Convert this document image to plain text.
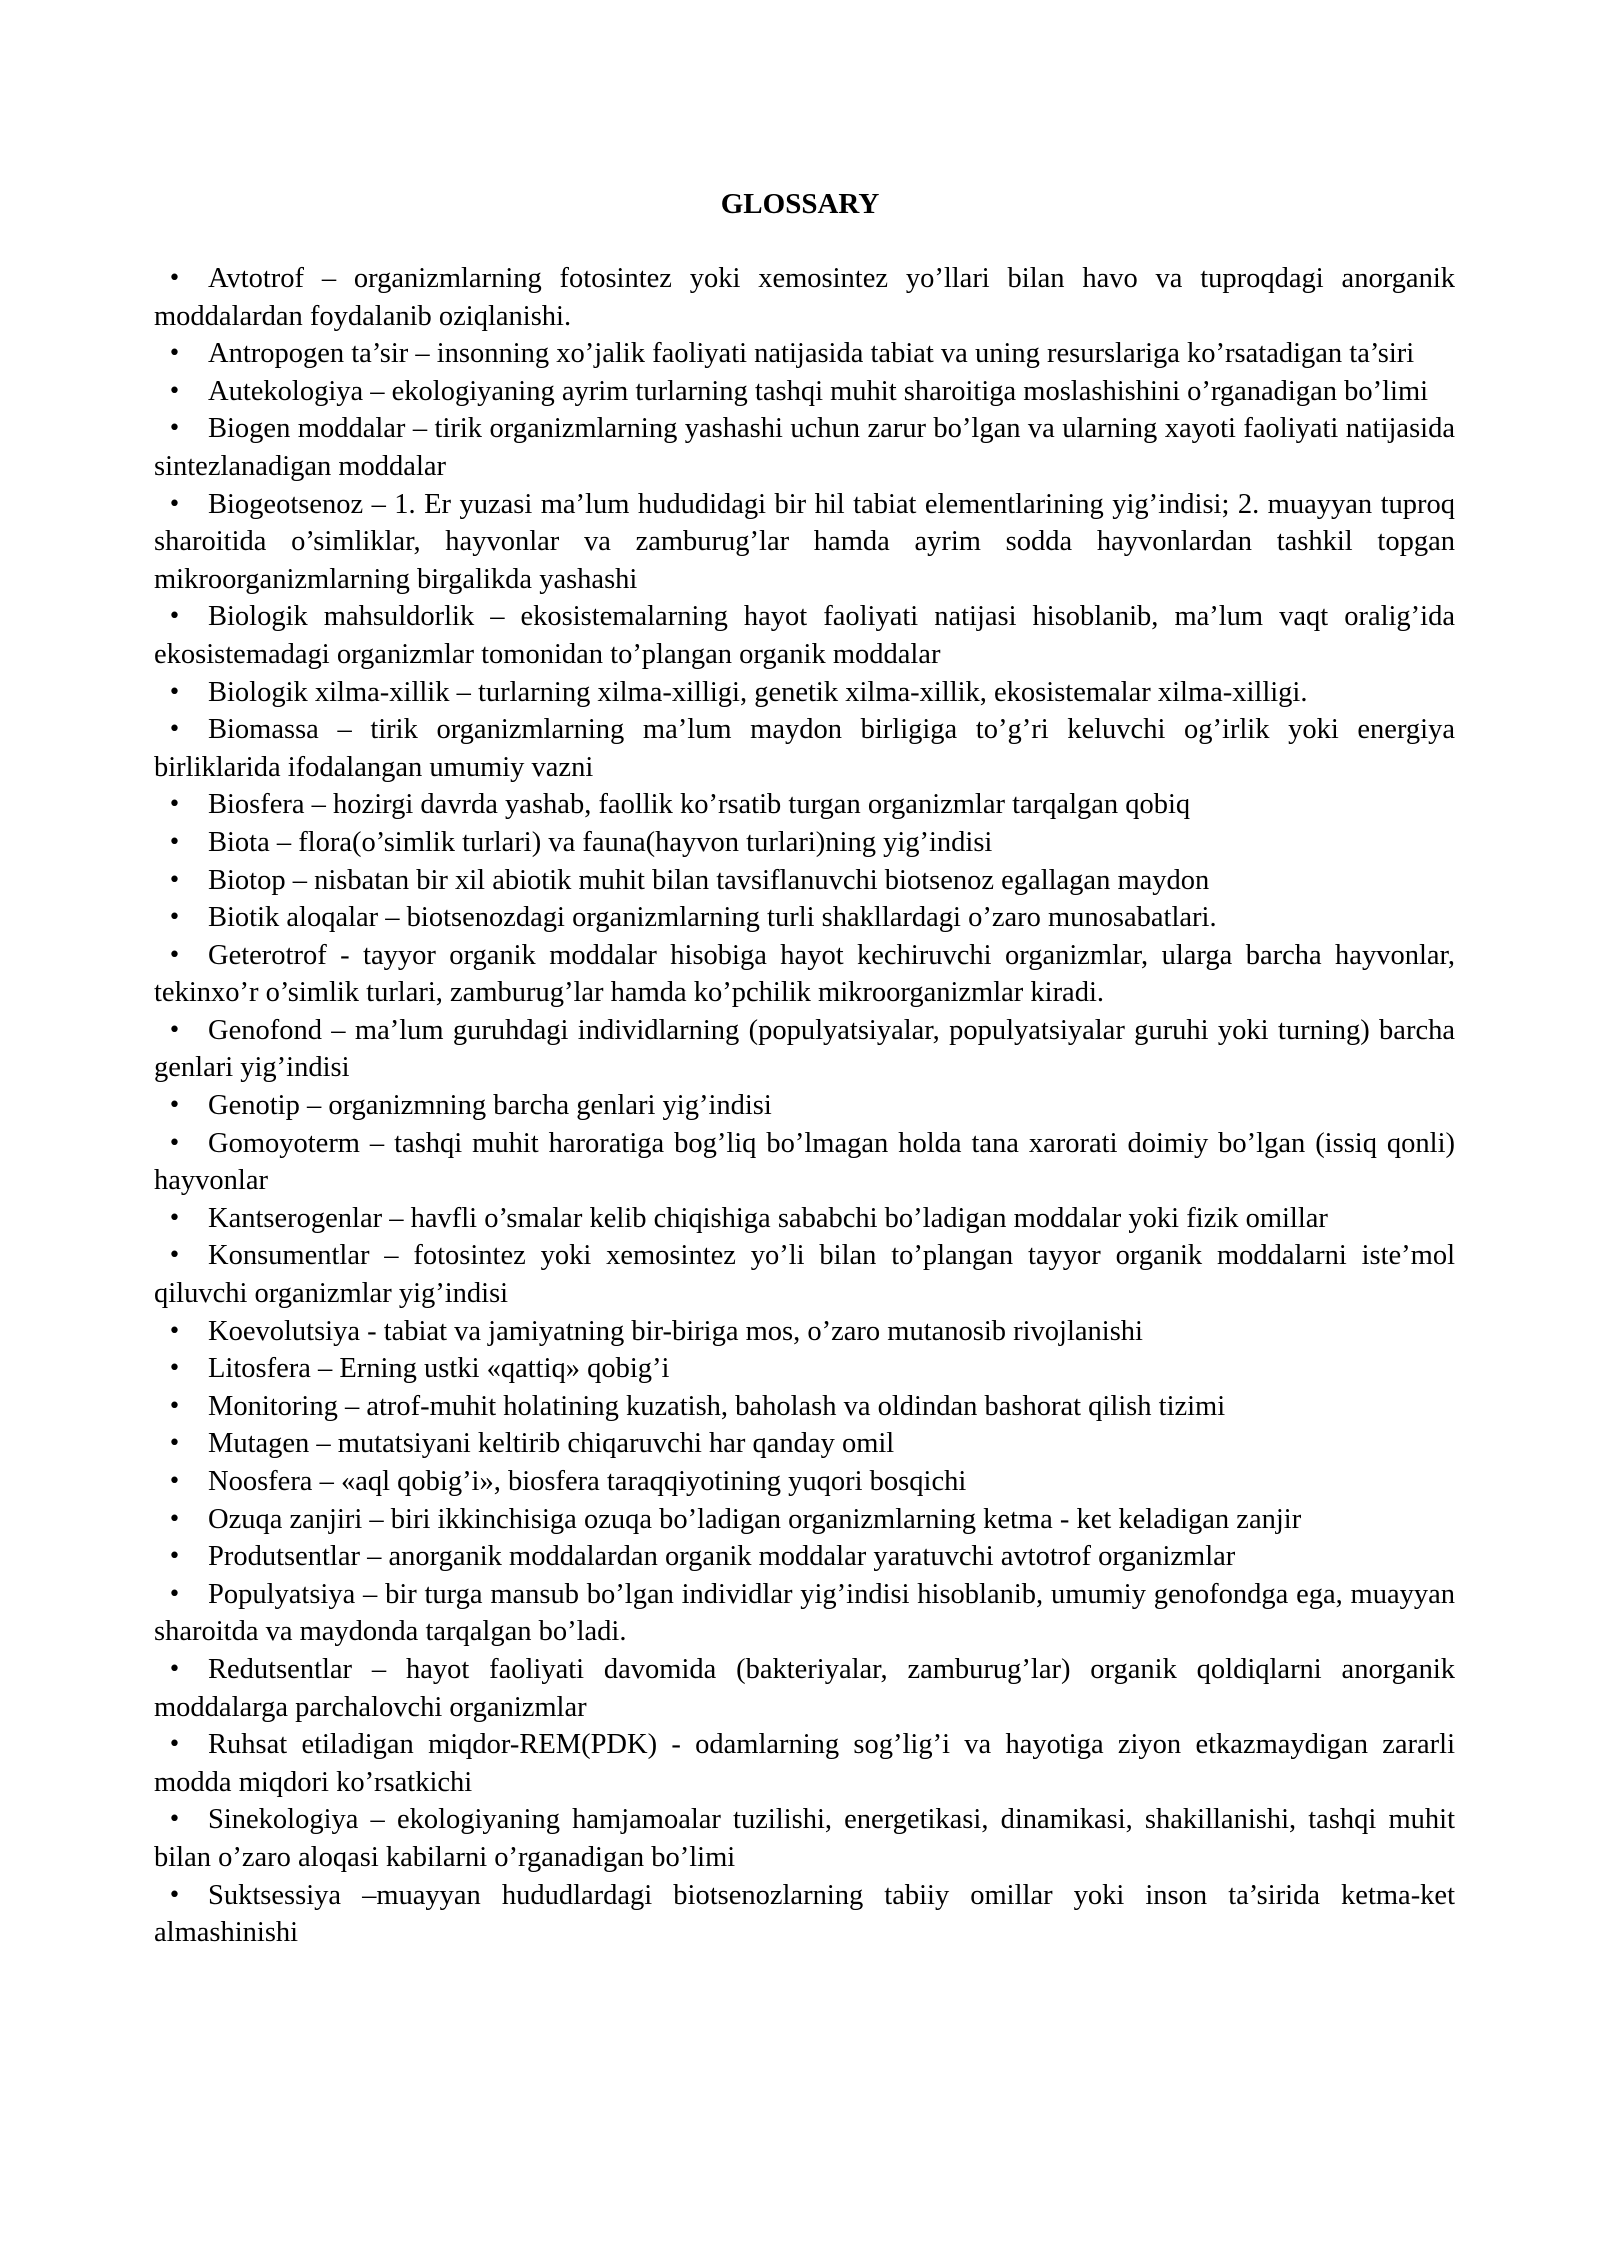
GLOSSARY
• Avtotrof – organizmlarning fotosintez yoki xemosintez yo’llari bilan havo va tuproqdagi anorganik moddalardan foydalanib oziqlanishi.
• Antropogen ta’sir – insonning xo’jalik faoliyati natijasida tabiat va uning resurslariga ko’rsatadigan ta’siri
• Autekologiya – ekologiyaning ayrim turlarning tashqi muhit sharoitiga moslashishini o’rganadigan bo’limi
• Biogen moddalar – tirik organizmlarning yashashi uchun zarur bo’lgan va ularning xayoti faoliyati natijasida sintezlanadigan moddalar
• Biogeotsenoz – 1. Er yuzasi ma’lum hududidagi bir hil tabiat elementlarining yig’indisi; 2. muayyan tuproq sharoitida o’simliklar, hayvonlar va zamburug’lar hamda ayrim sodda hayvonlardan tashkil topgan mikroorganizmlarning birgalikda yashashi
• Biologik mahsuldorlik – ekosistemalarning hayot faoliyati natijasi hisoblanib, ma’lum vaqt oralig’ida ekosistemadagi organizmlar tomonidan to’plangan organik moddalar
• Biologik xilma-xillik – turlarning xilma-xilligi, genetik xilma-xillik, ekosistemalar xilma-xilligi.
• Biomassa – tirik organizmlarning ma’lum maydon birligiga to’g’ri keluvchi og’irlik yoki energiya birliklarida ifodalangan umumiy vazni
• Biosfera – hozirgi davrda yashab, faollik ko’rsatib turgan organizmlar tarqalgan qobiq
• Biota – flora(o’simlik turlari) va fauna(hayvon turlari)ning yig’indisi
• Biotop – nisbatan bir xil abiotik muhit bilan tavsiflanuvchi biotsenoz egallagan maydon
• Biotik aloqalar – biotsenozdagi organizmlarning turli shakllardagi o’zaro munosabatlari.
• Geterotrof - tayyor organik moddalar hisobiga hayot kechiruvchi organizmlar, ularga barcha hayvonlar, tekinxo’r o’simlik turlari, zamburug’lar hamda ko’pchilik mikroorganizmlar kiradi.
• Genofond – ma’lum guruhdagi individlarning (populyatsiyalar, populyatsiyalar guruhi yoki turning) barcha genlari yig’indisi
• Genotip – organizmning barcha genlari yig’indisi
• Gomoyoterm – tashqi muhit haroratiga bog’liq bo’lmagan holda tana xarorati doimiy bo’lgan (issiq qonli) hayvonlar
• Kantserogenlar – havfli o’smalar kelib chiqishiga sababchi bo’ladigan moddalar yoki fizik omillar
• Konsumentlar – fotosintez yoki xemosintez yo’li bilan to’plangan tayyor organik moddalarni iste’mol qiluvchi organizmlar yig’indisi
• Koevolutsiya - tabiat va jamiyatning bir-biriga mos, o’zaro mutanosib rivojlanishi
• Litosfera – Erning ustki «qattiq» qobig’i
• Monitoring – atrof-muhit holatining kuzatish, baholash va oldindan bashorat qilish tizimi
• Mutagen – mutatsiyani keltirib chiqaruvchi har qanday omil
• Noosfera – «aql qobig’i», biosfera taraqqiyotining yuqori bosqichi
• Ozuqa zanjiri – biri ikkinchisiga ozuqa bo’ladigan organizmlarning ketma - ket keladigan zanjir
• Produtsentlar – anorganik moddalardan organik moddalar yaratuvchi avtotrof organizmlar
• Populyatsiya – bir turga mansub bo’lgan individlar yig’indisi hisoblanib, umumiy genofondga ega, muayyan sharoitda va maydonda tarqalgan bo’ladi.
• Redutsentlar – hayot faoliyati davomida (bakteriyalar, zamburug’lar) organik qoldiqlarni anorganik moddalarga parchalovchi organizmlar
• Ruhsat etiladigan miqdor-REM(PDK) - odamlarning sog’lig’i va hayotiga ziyon etkazmaydigan zararli modda miqdori ko’rsatkichi
• Sinekologiya – ekologiyaning hamjamoalar tuzilishi, energetikasi, dinamikasi, shakillanishi, tashqi muhit bilan o’zaro aloqasi kabilarni o’rganadigan bo’limi
• Suktsessiya –muayyan hududlardagi biotsenozlarning tabiiy omillar yoki inson ta’sirida ketma-ket almashinishi
